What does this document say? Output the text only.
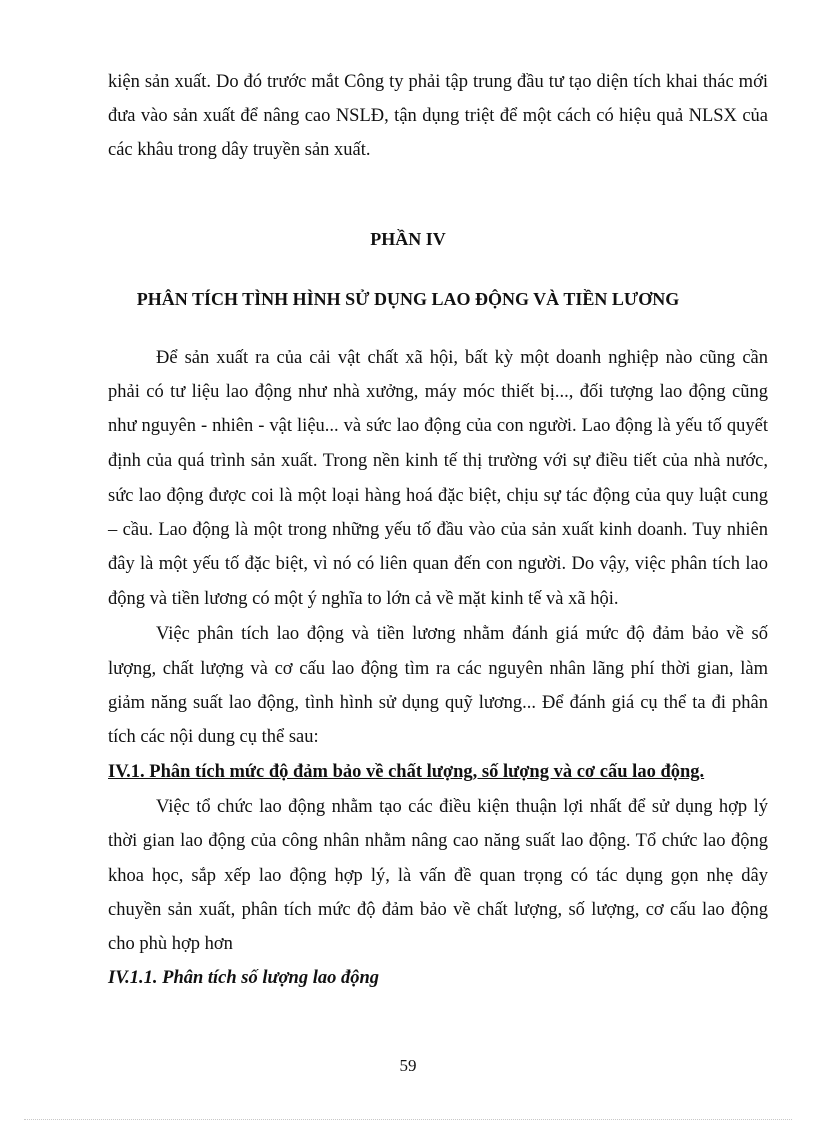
kiện sản xuất. Do đó trước mắt Công ty phải tập trung đầu tư tạo diện tích khai thác mới
đưa vào sản xuất để nâng cao NSLĐ, tận dụng triệt để một cách có hiệu quả NLSX của
các khâu trong dây truyền sản xuất.
PHẦN IV
PHÂN TÍCH TÌNH HÌNH SỬ DỤNG LAO ĐỘNG VÀ TIỀN LƯƠNG
Để sản xuất ra của cải vật chất xã hội, bất kỳ một doanh nghiệp nào cũng cần
phải có tư liệu lao động như nhà xưởng, máy móc thiết bị..., đối tượng lao động cũng
như nguyên - nhiên - vật liệu... và sức lao động của con người. Lao động là yếu tố quyết
định của quá trình sản xuất. Trong nền kinh tế thị trường với sự điều tiết của nhà nước,
sức lao động được coi là một loại hàng hoá đặc biệt, chịu sự tác động của quy luật cung
– cầu. Lao động là một trong những yếu tố đầu vào của sản xuất kinh doanh. Tuy nhiên
đây là một yếu tố đặc biệt, vì nó có liên quan đến con người. Do vậy, việc phân tích lao
động và tiền lương có một ý nghĩa to lớn cả về mặt kinh tế và xã hội.
Việc phân tích lao động và tiền lương nhằm đánh giá mức độ đảm bảo về số
lượng, chất lượng và cơ cấu lao động tìm ra các nguyên nhân lãng phí thời gian, làm
giảm năng suất lao động, tình hình sử dụng quỹ lương... Để đánh giá cụ thể ta đi phân
tích các nội dung cụ thể sau:
IV.1. Phân tích mức độ đảm bảo về chất lượng, số lượng và cơ cấu lao động.
Việc tổ chức lao động nhằm tạo các điều kiện thuận lợi nhất để sử dụng hợp lý
thời gian lao động của công nhân nhằm nâng cao năng suất lao động. Tổ chức lao động
khoa học, sắp xếp lao động hợp lý, là vấn đề quan trọng có tác dụng gọn nhẹ dây
chuyền sản xuất, phân tích mức độ đảm bảo về chất lượng, số lượng, cơ cấu lao động
cho phù hợp hơn
IV.1.1. Phân tích số lượng lao động
59
